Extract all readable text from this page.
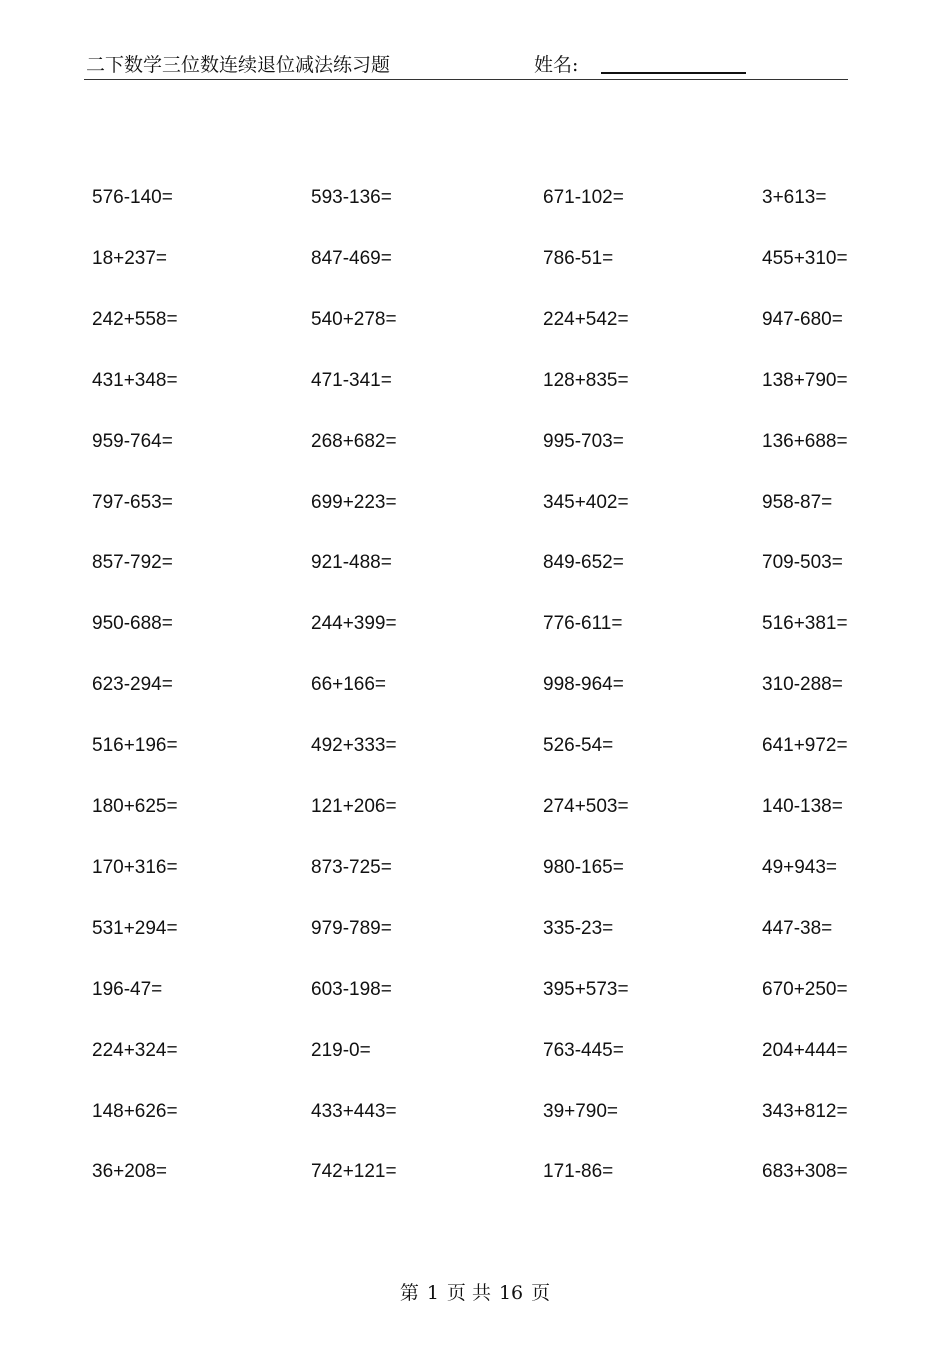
二下数学三位数连续退位减法练习题	姓名:
576-140=	593-136=	671-102=	3+613=
18+237=	847-469=	786-51=	455+310=
242+558=	540+278=	224+542=	947-680=
431+348=	471-341=	128+835=	138+790=
959-764=	268+682=	995-703=	136+688=
797-653=	699+223=	345+402=	958-87=
857-792=	921-488=	849-652=	709-503=
950-688=	244+399=	776-611=	516+381=
623-294=	66+166=	998-964=	310-288=
516+196=	492+333=	526-54=	641+972=
180+625=	121+206=	274+503=	140-138=
170+316=	873-725=	980-165=	49+943=
531+294=	979-789=	335-23=	447-38=
196-47=	603-198=	395+573=	670+250=
224+324=	219-0=	763-445=	204+444=
148+626=	433+443=	39+790=	343+812=
36+208=	742+121=	171-86=	683+308=
第 1 页 共 16 页
